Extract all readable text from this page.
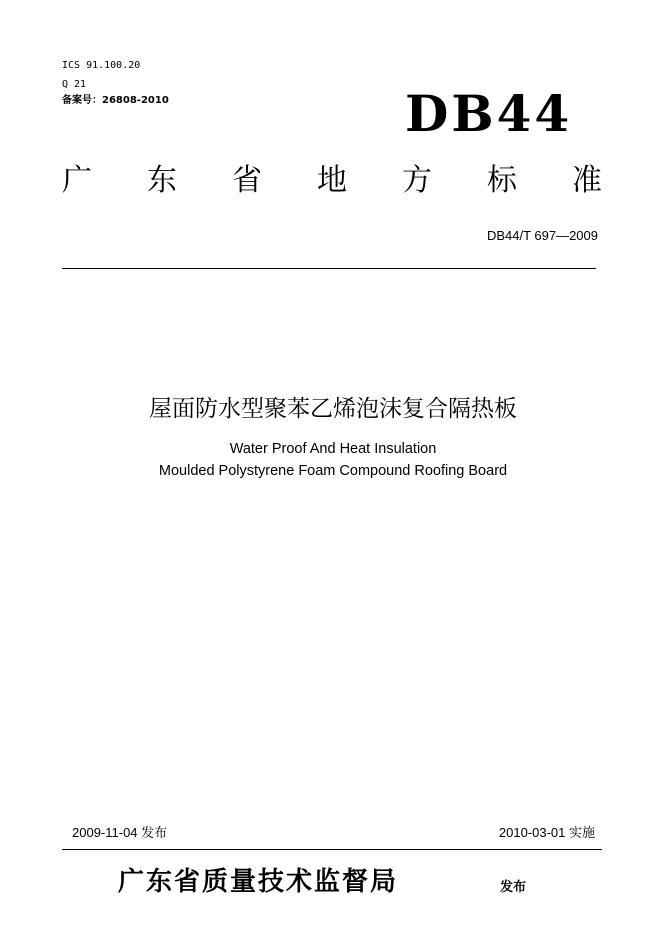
ICS 91.100.20
Q 21
备案号：26808-2010	DB44
广 东 省 地 方 标 准
DB44/T 697—2009
屋面防水型聚苯乙烯泡沫复合隔热板
Water Proof And Heat Insulation
Moulded Polystyrene Foam Compound Roofing Board
2009-11-04 发布	2010-03-01 实施
广东省质量技术监督局	发布
